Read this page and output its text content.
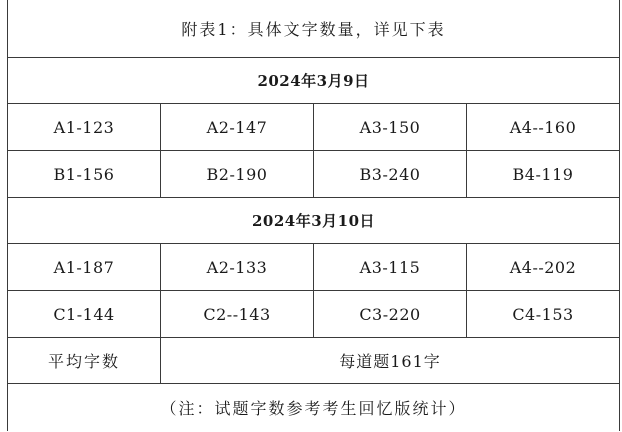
附表1：具体文字数量，详见下表			
2024年3月9日			
A1-123	A2-147	A3-150	A4--160
B1-156	B2-190	B3-240	B4-119
2024年3月10日			
A1-187	A2-133	A3-115	A4--202
C1-144	C2--143	C3-220	C4-153
平均字数	每道题161字		
（注：试题字数参考考生回忆版统计）			
